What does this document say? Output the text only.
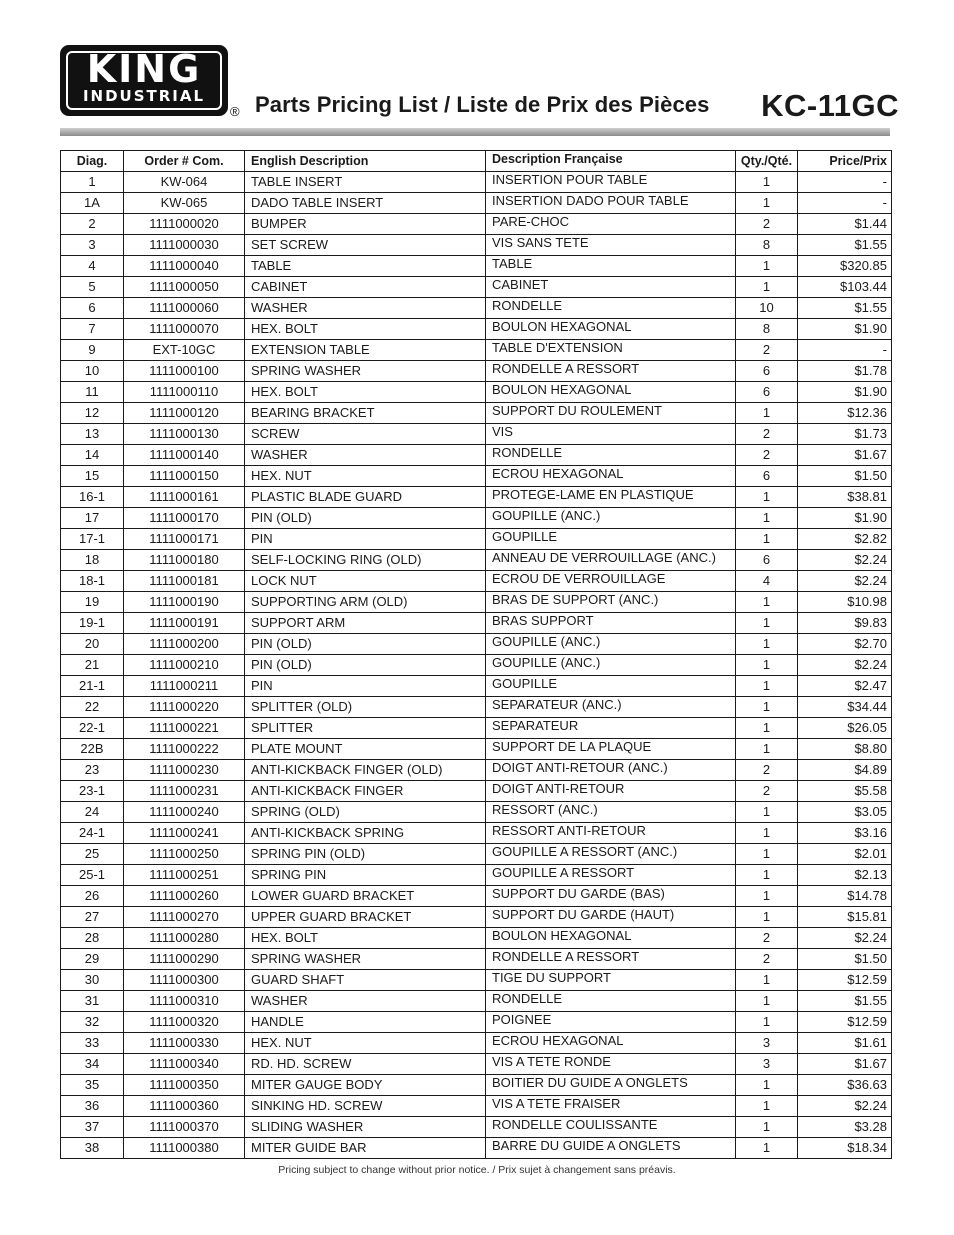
KING
INDUSTRIAL
® Parts Pricing List / Liste de Prix des Pièces KC-11GC
Diag.	Order # Com.	English Description	Description Française	Qty./Qté.	Price/Prix
1	KW-064	TABLE INSERT	INSERTION POUR TABLE	1	-
1A	KW-065	DADO TABLE INSERT	INSERTION DADO POUR TABLE	1	-
2	1111000020	BUMPER	PARE-CHOC	2	$1.44
3	1111000030	SET SCREW	VIS SANS TETE	8	$1.55
4	1111000040	TABLE	TABLE	1	$320.85
5	1111000050	CABINET	CABINET	1	$103.44
6	1111000060	WASHER	RONDELLE	10	$1.55
7	1111000070	HEX. BOLT	BOULON HEXAGONAL	8	$1.90
9	EXT-10GC	EXTENSION TABLE	TABLE D'EXTENSION	2	-
10	1111000100	SPRING WASHER	RONDELLE A RESSORT	6	$1.78
11	1111000110	HEX. BOLT	BOULON HEXAGONAL	6	$1.90
12	1111000120	BEARING BRACKET	SUPPORT DU ROULEMENT	1	$12.36
13	1111000130	SCREW	VIS	2	$1.73
14	1111000140	WASHER	RONDELLE	2	$1.67
15	1111000150	HEX. NUT	ECROU HEXAGONAL	6	$1.50
16-1	1111000161	PLASTIC BLADE GUARD	PROTEGE-LAME EN PLASTIQUE	1	$38.81
17	1111000170	PIN (OLD)	GOUPILLE (ANC.)	1	$1.90
17-1	1111000171	PIN	GOUPILLE	1	$2.82
18	1111000180	SELF-LOCKING RING (OLD)	ANNEAU DE VERROUILLAGE (ANC.)	6	$2.24
18-1	1111000181	LOCK NUT	ECROU DE VERROUILLAGE	4	$2.24
19	1111000190	SUPPORTING ARM (OLD)	BRAS DE SUPPORT (ANC.)	1	$10.98
19-1	1111000191	SUPPORT ARM	BRAS SUPPORT	1	$9.83
20	1111000200	PIN (OLD)	GOUPILLE (ANC.)	1	$2.70
21	1111000210	PIN (OLD)	GOUPILLE (ANC.)	1	$2.24
21-1	1111000211	PIN	GOUPILLE	1	$2.47
22	1111000220	SPLITTER (OLD)	SEPARATEUR (ANC.)	1	$34.44
22-1	1111000221	SPLITTER	SEPARATEUR	1	$26.05
22B	1111000222	PLATE MOUNT	SUPPORT DE LA PLAQUE	1	$8.80
23	1111000230	ANTI-KICKBACK FINGER (OLD)	DOIGT ANTI-RETOUR (ANC.)	2	$4.89
23-1	1111000231	ANTI-KICKBACK FINGER	DOIGT ANTI-RETOUR	2	$5.58
24	1111000240	SPRING (OLD)	RESSORT (ANC.)	1	$3.05
24-1	1111000241	ANTI-KICKBACK SPRING	RESSORT ANTI-RETOUR	1	$3.16
25	1111000250	SPRING PIN (OLD)	GOUPILLE A RESSORT (ANC.)	1	$2.01
25-1	1111000251	SPRING PIN	GOUPILLE A RESSORT	1	$2.13
26	1111000260	LOWER GUARD BRACKET	SUPPORT DU GARDE (BAS)	1	$14.78
27	1111000270	UPPER GUARD BRACKET	SUPPORT DU GARDE (HAUT)	1	$15.81
28	1111000280	HEX. BOLT	BOULON HEXAGONAL	2	$2.24
29	1111000290	SPRING WASHER	RONDELLE A RESSORT	2	$1.50
30	1111000300	GUARD SHAFT	TIGE DU SUPPORT	1	$12.59
31	1111000310	WASHER	RONDELLE	1	$1.55
32	1111000320	HANDLE	POIGNEE	1	$12.59
33	1111000330	HEX. NUT	ECROU HEXAGONAL	3	$1.61
34	1111000340	RD. HD. SCREW	VIS A TETE RONDE	3	$1.67
35	1111000350	MITER GAUGE BODY	BOITIER DU GUIDE A ONGLETS	1	$36.63
36	1111000360	SINKING HD. SCREW	VIS A TETE FRAISER	1	$2.24
37	1111000370	SLIDING WASHER	RONDELLE COULISSANTE	1	$3.28
38	1111000380	MITER GUIDE BAR	BARRE DU GUIDE A ONGLETS	1	$18.34
Pricing subject to change without prior notice. / Prix sujet à changement sans préavis.
